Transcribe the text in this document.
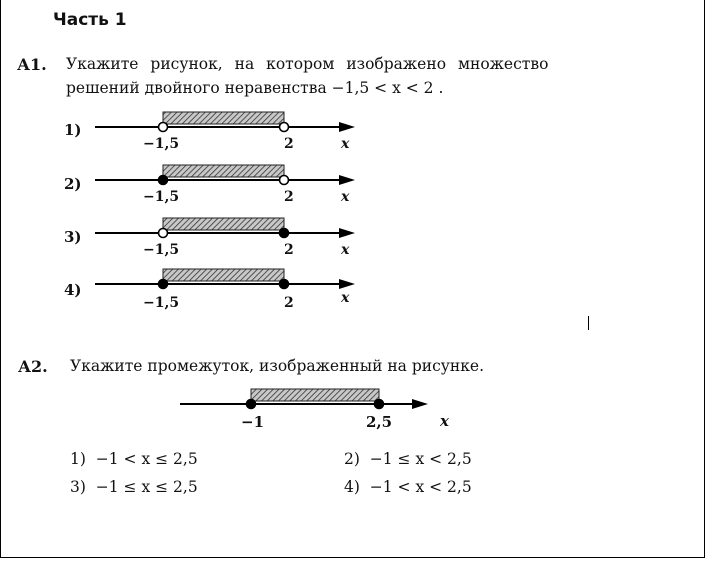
Часть 1
А1. Укажите рисунок, на котором изображено множество
решений двойного неравенства −1,5 < x < 2 .
1)
2)
3)
4)
−1,5	2	x
−1,5	2	x
−1,5	2	x
−1,5	2	x
А2. Укажите промежуток, изображенный на рисунке.
−1	2,5	x
1) −1 < x ≤ 2,5	2) −1 ≤ x < 2,5
3) −1 ≤ x ≤ 2,5	4) −1 < x < 2,5
